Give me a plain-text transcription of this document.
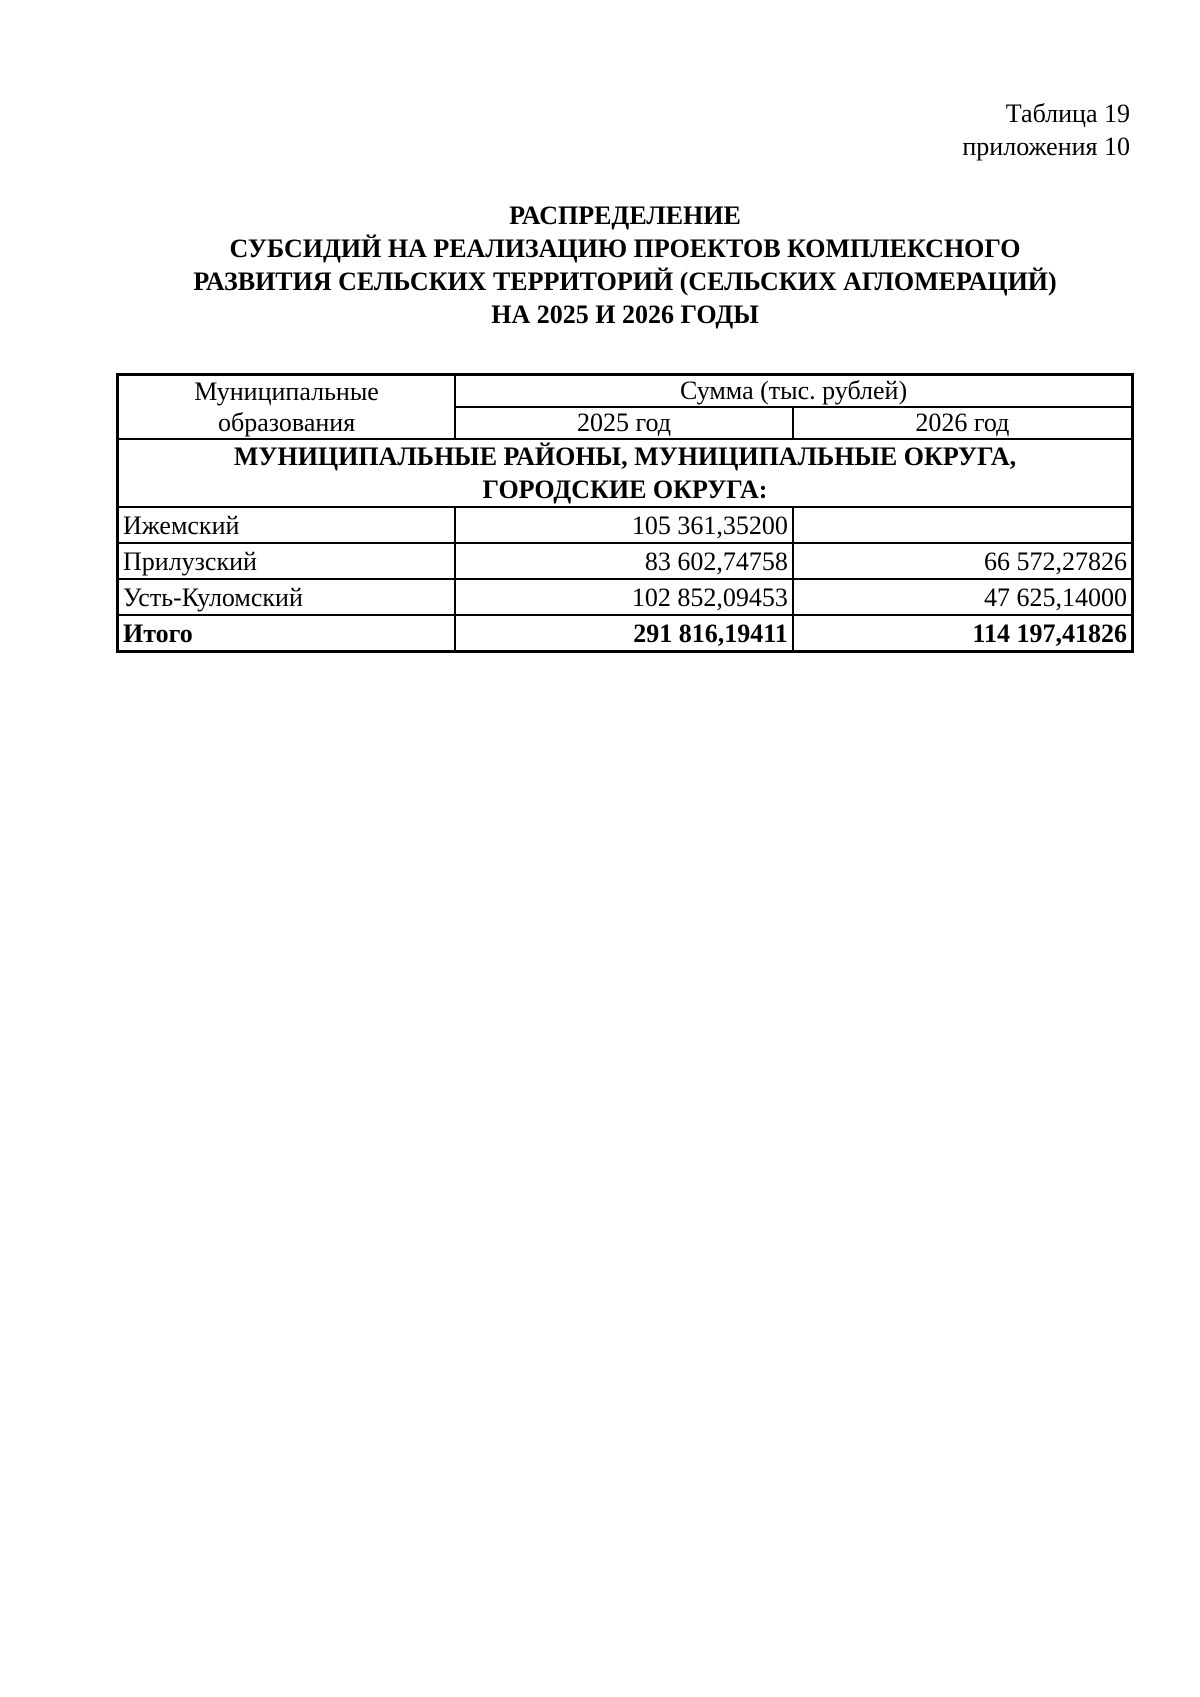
Таблица 19
приложения 10
РАСПРЕДЕЛЕНИЕ
СУБСИДИЙ НА РЕАЛИЗАЦИЮ ПРОЕКТОВ КОМПЛЕКСНОГО
РАЗВИТИЯ СЕЛЬСКИХ ТЕРРИТОРИЙ (СЕЛЬСКИХ АГЛОМЕРАЦИЙ)
НА 2025 И 2026 ГОДЫ
Муниципальные
образования	Сумма (тыс. рублей)	
	2025 год	2026 год

МУНИЦИПАЛЬНЫЕ РАЙОНЫ, МУНИЦИПАЛЬНЫЕ ОКРУГА,
ГОРОДСКИЕ ОКРУГА:		

Ижемский	105 361,35200	
Прилузский	83 602,74758	66 572,27826
Усть-Куломский	102 852,09453	47 625,14000
Итого	291 816,19411	114 197,41826
